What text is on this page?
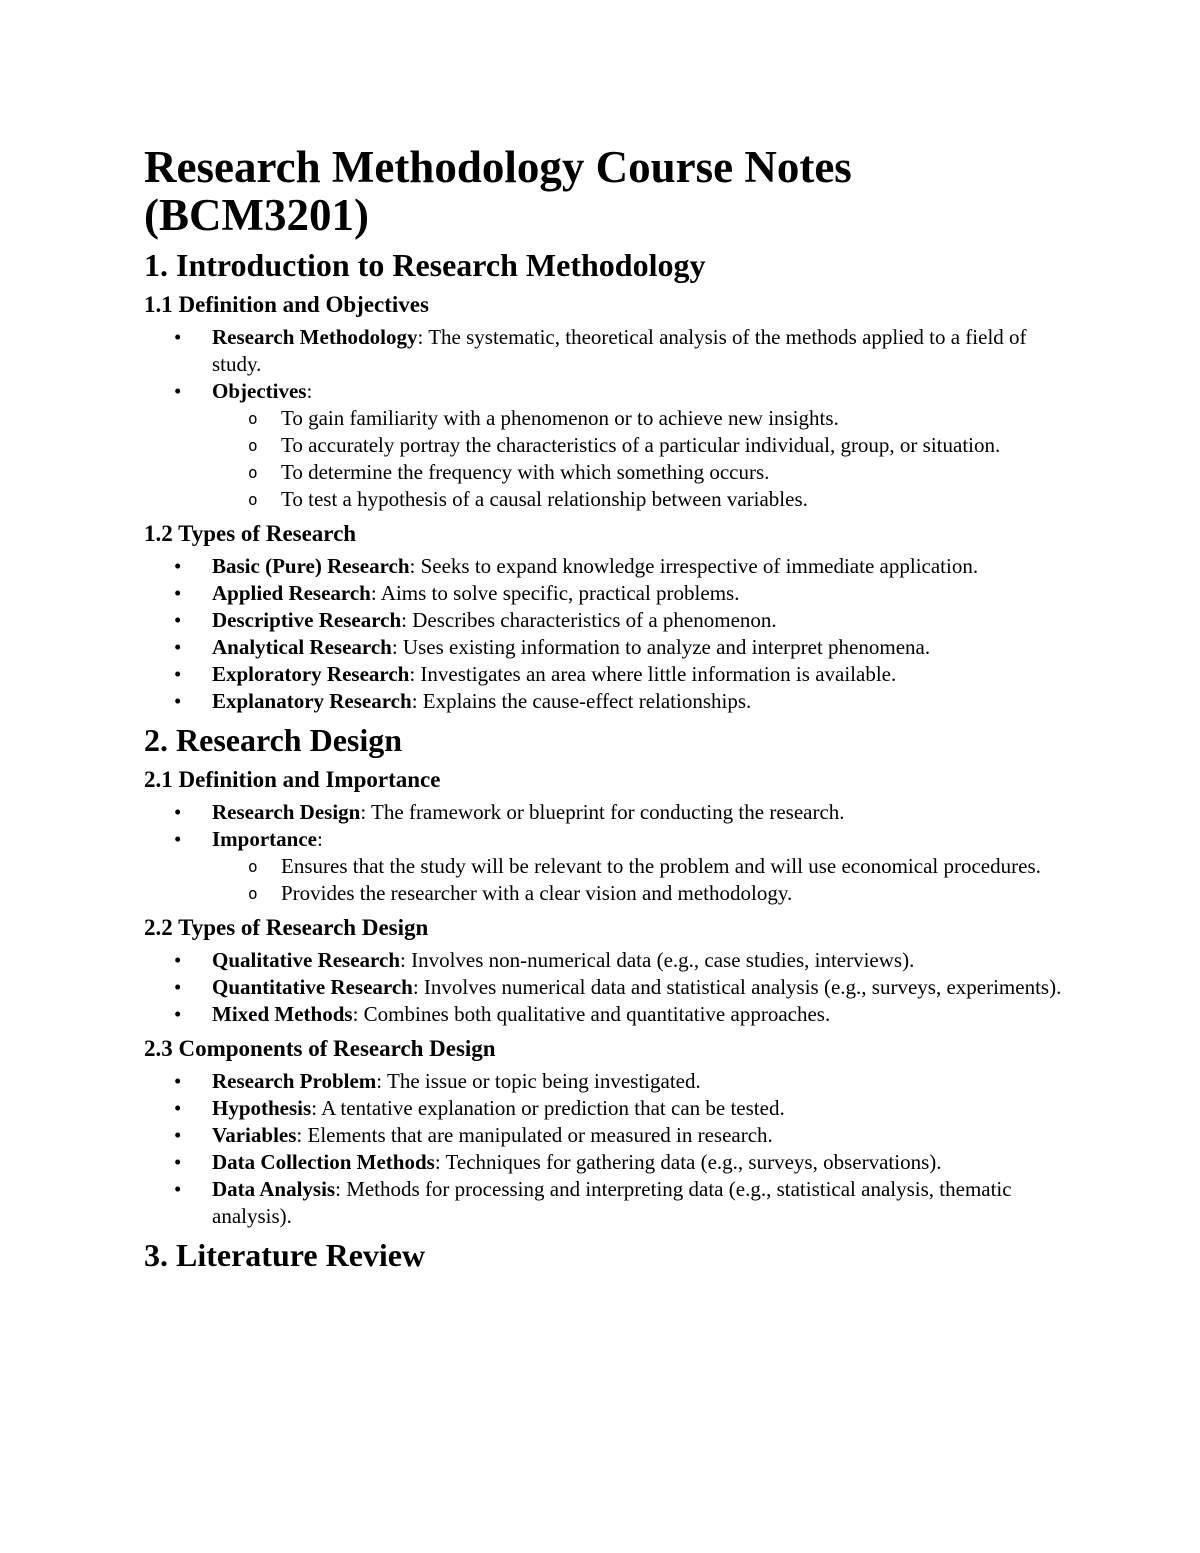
Research Methodology Course Notes (BCM3201)
1. Introduction to Research Methodology
1.1 Definition and Objectives
• Research Methodology: The systematic, theoretical analysis of the methods applied to a field of study.
• Objectives:
o To gain familiarity with a phenomenon or to achieve new insights.
o To accurately portray the characteristics of a particular individual, group, or situation.
o To determine the frequency with which something occurs.
o To test a hypothesis of a causal relationship between variables.
1.2 Types of Research
• Basic (Pure) Research: Seeks to expand knowledge irrespective of immediate application.
• Applied Research: Aims to solve specific, practical problems.
• Descriptive Research: Describes characteristics of a phenomenon.
• Analytical Research: Uses existing information to analyze and interpret phenomena.
• Exploratory Research: Investigates an area where little information is available.
• Explanatory Research: Explains the cause-effect relationships.
2. Research Design
2.1 Definition and Importance
• Research Design: The framework or blueprint for conducting the research.
• Importance:
o Ensures that the study will be relevant to the problem and will use economical procedures.
o Provides the researcher with a clear vision and methodology.
2.2 Types of Research Design
• Qualitative Research: Involves non-numerical data (e.g., case studies, interviews).
• Quantitative Research: Involves numerical data and statistical analysis (e.g., surveys, experiments).
• Mixed Methods: Combines both qualitative and quantitative approaches.
2.3 Components of Research Design
• Research Problem: The issue or topic being investigated.
• Hypothesis: A tentative explanation or prediction that can be tested.
• Variables: Elements that are manipulated or measured in research.
• Data Collection Methods: Techniques for gathering data (e.g., surveys, observations).
• Data Analysis: Methods for processing and interpreting data (e.g., statistical analysis, thematic analysis).
3. Literature Review
